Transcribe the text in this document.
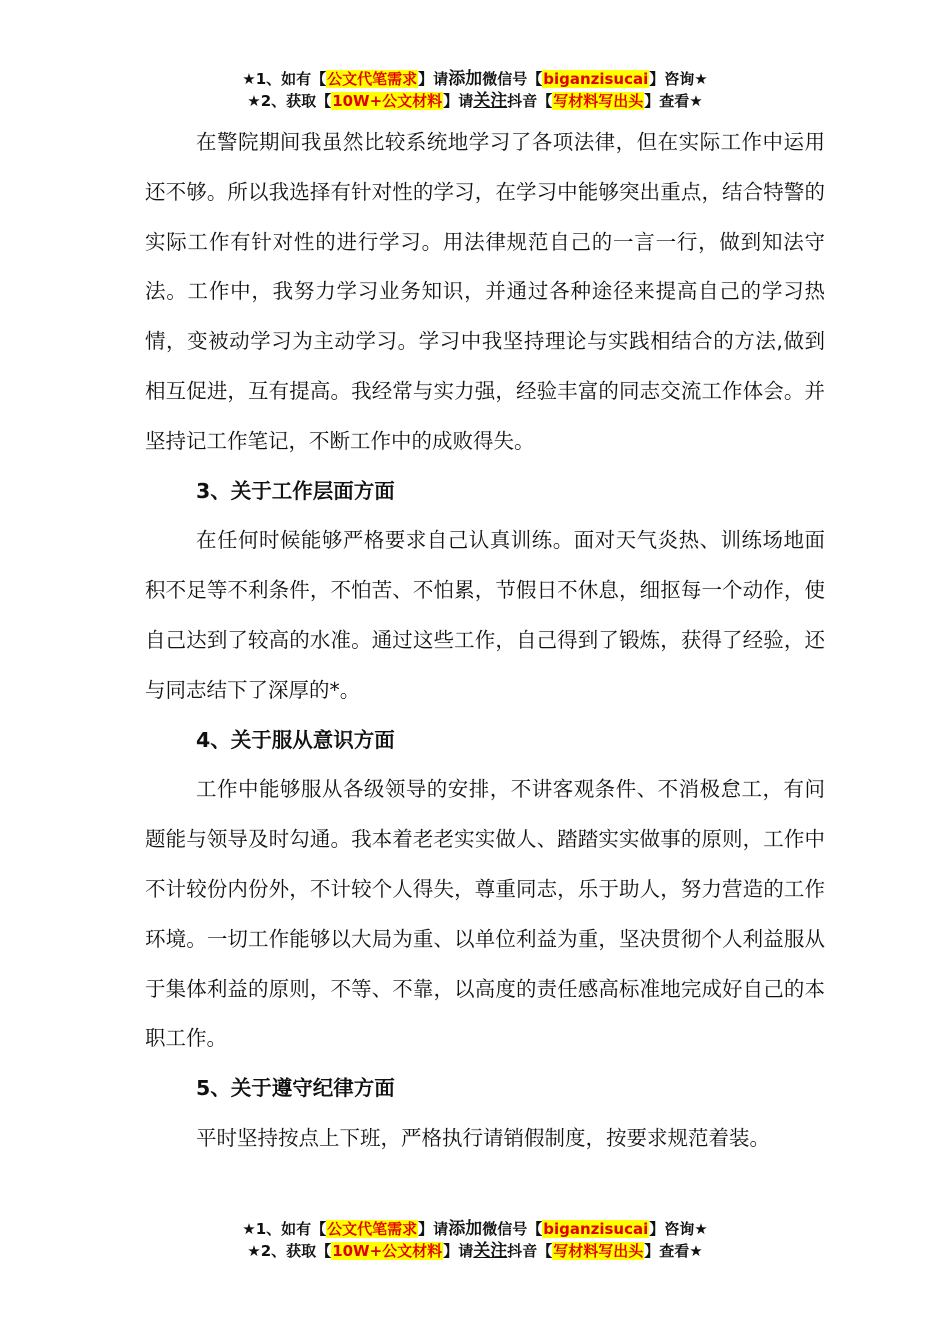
★1、如有【公文代笔需求】请添加微信号【biganzisucai】咨询★
★2、获取【10W+公文材料】请关注抖音【写材料写出头】查看★

在警院期间我虽然比较系统地学习了各项法律，但在实际工作中运用还不够。所以我选择有针对性的学习，在学习中能够突出重点，结合特警的实际工作有针对性的进行学习。用法律规范自己的一言一行，做到知法守法。工作中，我努力学习业务知识，并通过各种途径来提高自己的学习热情，变被动学习为主动学习。学习中我坚持理论与实践相结合的方法,做到相互促进，互有提高。我经常与实力强，经验丰富的同志交流工作体会。并坚持记工作笔记，不断工作中的成败得失。

3、关于工作层面方面

在任何时候能够严格要求自己认真训练。面对天气炎热、训练场地面积不足等不利条件，不怕苦、不怕累，节假日不休息，细抠每一个动作，使自己达到了较高的水准。通过这些工作，自己得到了锻炼，获得了经验，还与同志结下了深厚的*。

4、关于服从意识方面

工作中能够服从各级领导的安排，不讲客观条件、不消极怠工，有问题能与领导及时勾通。我本着老老实实做人、踏踏实实做事的原则，工作中不计较份内份外，不计较个人得失，尊重同志，乐于助人，努力营造的工作环境。一切工作能够以大局为重、以单位利益为重，坚决贯彻个人利益服从于集体利益的原则，不等、不靠，以高度的责任感高标准地完成好自己的本职工作。

5、关于遵守纪律方面

平时坚持按点上下班，严格执行请销假制度，按要求规范着装。

★1、如有【公文代笔需求】请添加微信号【biganzisucai】咨询★
★2、获取【10W+公文材料】请关注抖音【写材料写出头】查看★
